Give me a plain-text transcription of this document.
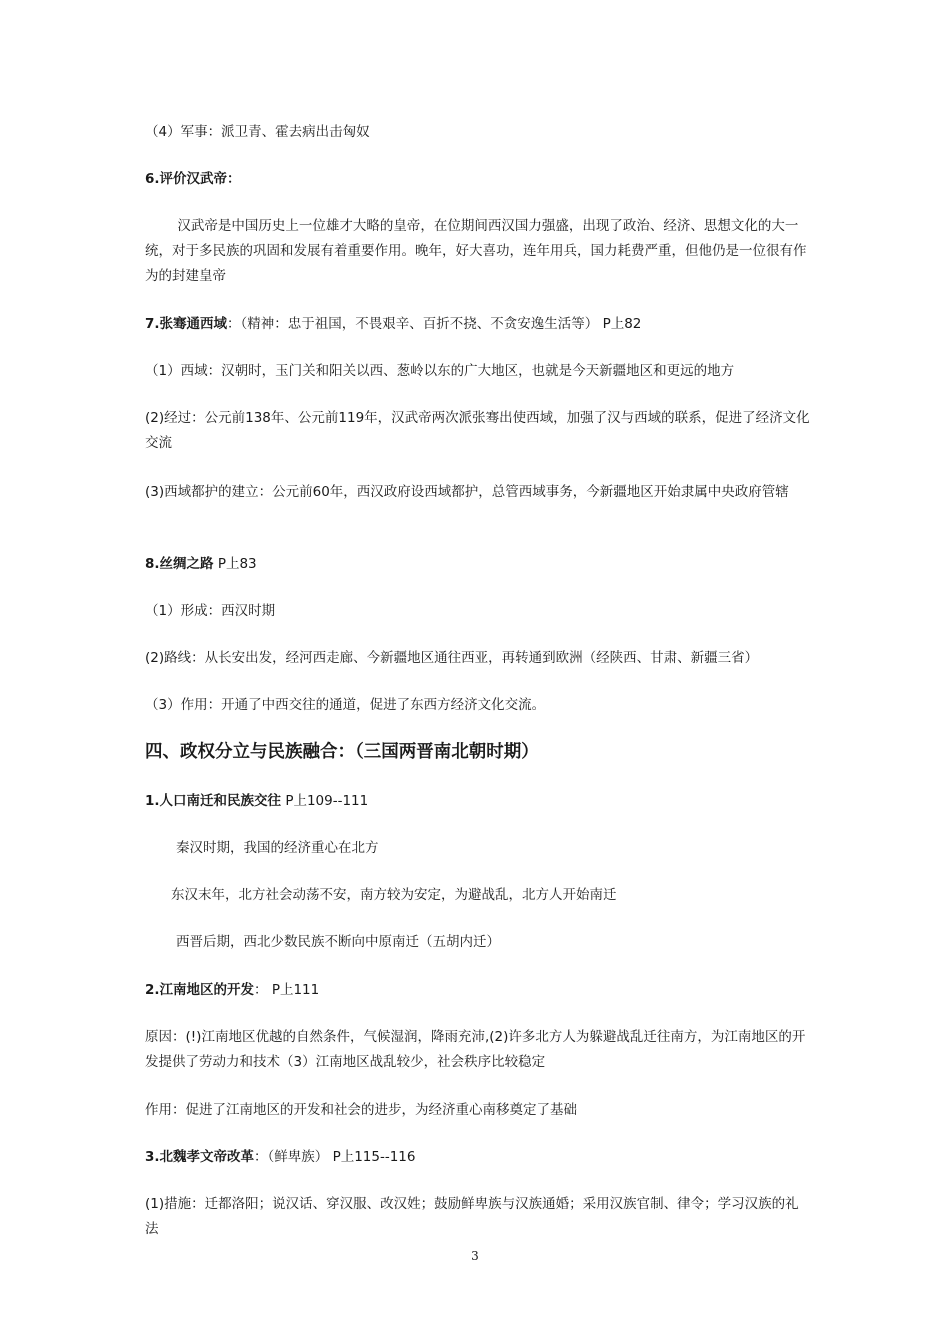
（4）军事：派卫青、霍去病出击匈奴
6.评价汉武帝：
汉武帝是中国历史上一位雄才大略的皇帝，在位期间西汉国力强盛，出现了政治、经济、思想文化的大一统，对于多民族的巩固和发展有着重要作用。晚年，好大喜功，连年用兵，国力耗费严重，但他仍是一位很有作为的封建皇帝
7.张骞通西域：（精神：忠于祖国，不畏艰辛、百折不挠、不贪安逸生活等） P上82
（1）西域：汉朝时，玉门关和阳关以西、葱岭以东的广大地区，也就是今天新疆地区和更远的地方
(2)经过：公元前138年、公元前119年，汉武帝两次派张骞出使西域，加强了汉与西域的联系，促进了经济文化交流
(3)西域都护的建立：公元前60年，西汉政府设西域都护，总管西域事务，今新疆地区开始隶属中央政府管辖
8.丝绸之路 P上83
（1）形成：西汉时期
(2)路线：从长安出发，经河西走廊、今新疆地区通往西亚，再转通到欧洲（经陕西、甘肃、新疆三省）
（3）作用：开通了中西交往的通道，促进了东西方经济文化交流。
四、政权分立与民族融合：（三国两晋南北朝时期）
1.人口南迁和民族交往 P上109--111
秦汉时期，我国的经济重心在北方
东汉末年，北方社会动荡不安，南方较为安定，为避战乱，北方人开始南迁
西晋后期，西北少数民族不断向中原南迁（五胡内迁）
2.江南地区的开发： P上111
原因：(!)江南地区优越的自然条件，气候湿润，降雨充沛,(2)许多北方人为躲避战乱迁往南方，为江南地区的开发提供了劳动力和技术（3）江南地区战乱较少，社会秩序比较稳定
作用：促进了江南地区的开发和社会的进步，为经济重心南移奠定了基础
3.北魏孝文帝改革：（鲜卑族） P上115--116
(1)措施：迁都洛阳；说汉话、穿汉服、改汉姓；鼓励鲜卑族与汉族通婚；采用汉族官制、律令；学习汉族的礼法
3
